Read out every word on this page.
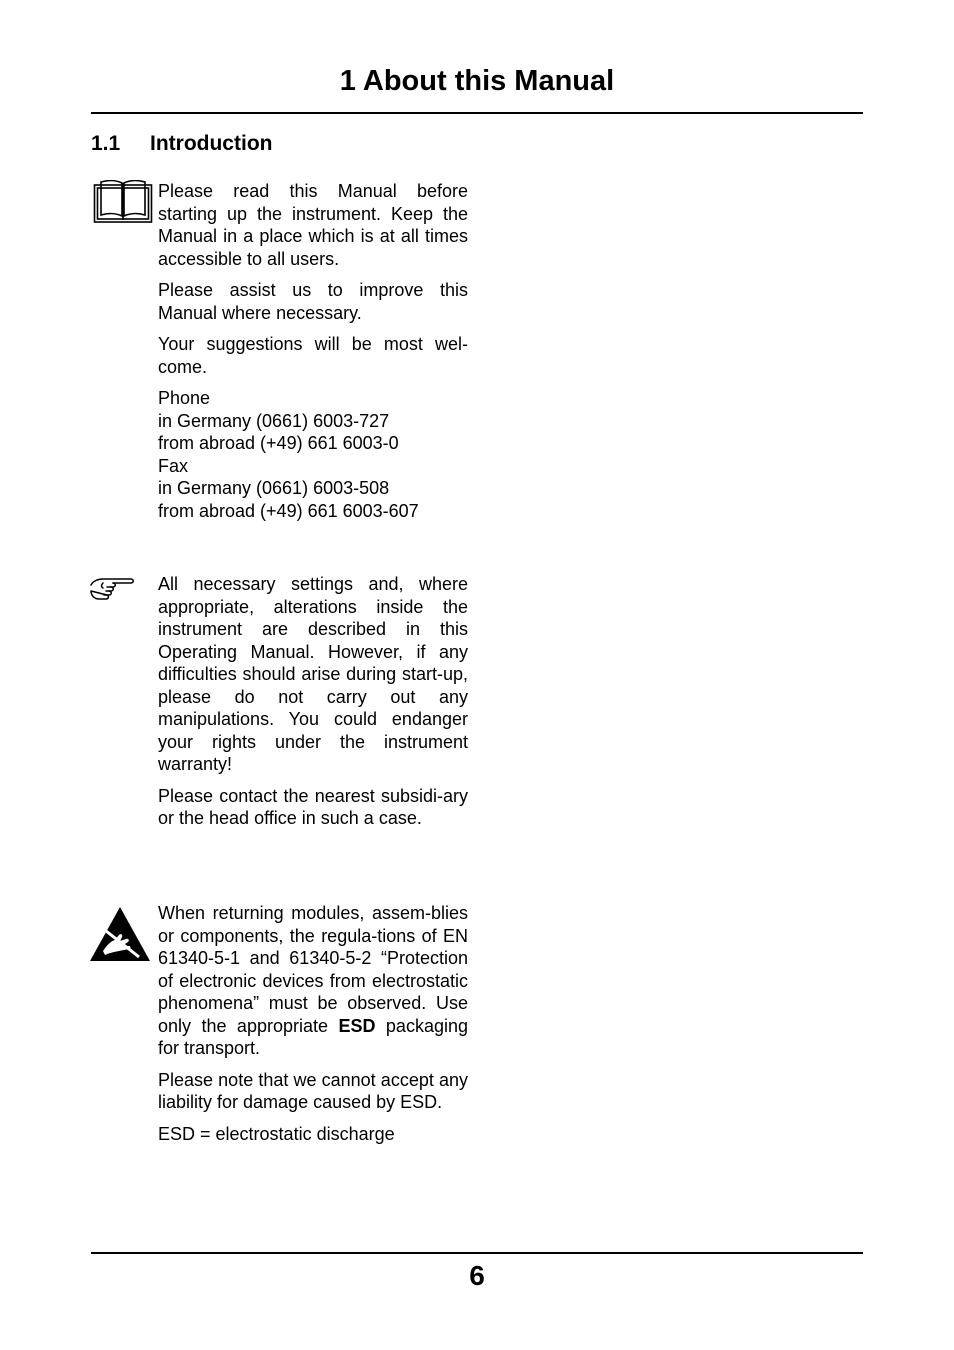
1 About this Manual
1.1 Introduction

Please read this Manual before starting up the instrument. Keep the Manual in a place which is at all times accessible to all users.

Please assist us to improve this Manual where necessary.

Your suggestions will be most wel-come.

Phone
in Germany (0661) 6003-727
from abroad (+49) 661 6003-0
Fax
in Germany (0661) 6003-508
from abroad (+49) 661 6003-607

All necessary settings and, where appropriate, alterations inside the instrument are described in this Operating Manual. However, if any difficulties should arise during start-up, please do not carry out any manipulations. You could endanger your rights under the instrument warranty!

Please contact the nearest subsidi-ary or the head office in such a case.

When returning modules, assem-blies or components, the regula-tions of EN 61340-5-1 and 61340-5-2 “Protection of electronic devices from electrostatic phenomena” must be observed. Use only the appropriate ESD packaging for transport.

Please note that we cannot accept any liability for damage caused by ESD.

ESD = electrostatic discharge

6
